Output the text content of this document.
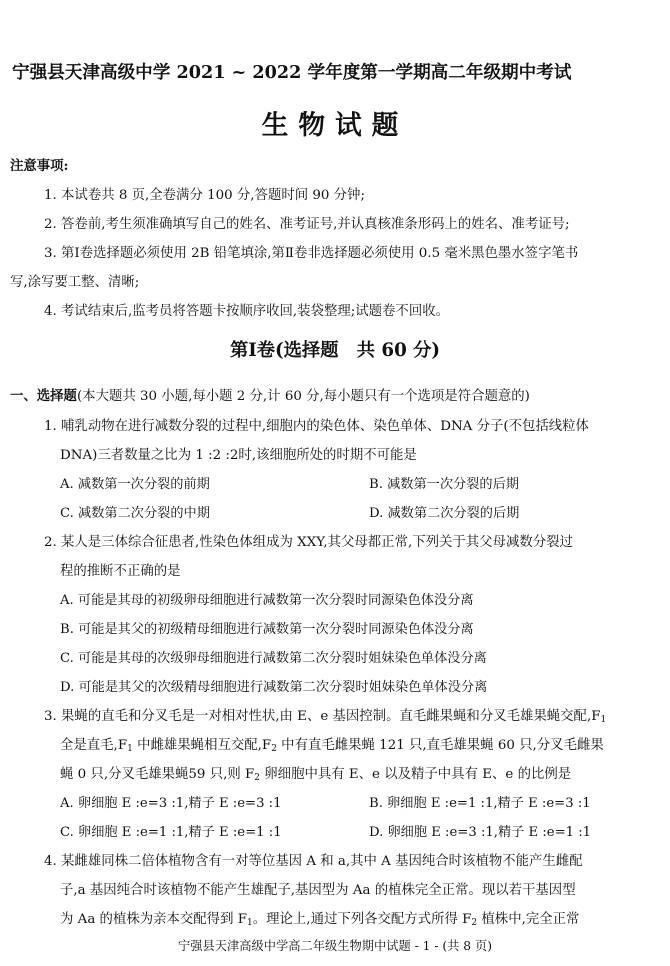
宁强县天津高级中学 2021 ~ 2022 学年度第一学期高二年级期中考试
生物试题
注意事项:
1. 本试卷共 8 页,全卷满分 100 分,答题时间 90 分钟;
2. 答卷前,考生须准确填写自己的姓名、准考证号,并认真核准条形码上的姓名、准考证号;
3. 第Ⅰ卷选择题必须使用 2B 铅笔填涂,第Ⅱ卷非选择题必须使用 0.5 毫米黑色墨水签字笔书
写,涂写要工整、清晰;
4. 考试结束后,监考员将答题卡按顺序收回,装袋整理;试题卷不回收。
第Ⅰ卷(选择题　共 60 分)
一、选择题(本大题共 30 小题,每小题 2 分,计 60 分,每小题只有一个选项是符合题意的)
1. 哺乳动物在进行减数分裂的过程中,细胞内的染色体、染色单体、DNA 分子(不包括线粒体
DNA)三者数量之比为 1 :2 :2时,该细胞所处的时期不可能是
A. 减数第一次分裂的前期	B. 减数第一次分裂的后期
C. 减数第二次分裂的中期	D. 减数第二次分裂的后期
2. 某人是三体综合征患者,性染色体组成为 XXY,其父母都正常,下列关于其父母减数分裂过
程的推断不正确的是
A. 可能是其母的初级卵母细胞进行减数第一次分裂时同源染色体没分离
B. 可能是其父的初级精母细胞进行减数第一次分裂时同源染色体没分离
C. 可能是其母的次级卵母细胞进行减数第二次分裂时姐妹染色单体没分离
D. 可能是其父的次级精母细胞进行减数第二次分裂时姐妹染色单体没分离
3. 果蝇的直毛和分叉毛是一对相对性状,由 E、e 基因控制。直毛雌果蝇和分叉毛雄果蝇交配$,F_1$
全是直毛$,F_1$ 中雌雄果蝇相互交配$,F_2$ 中有直毛雌果蝇 121 只,直毛雄果蝇 60 只,分叉毛雌果
蝇 0 只,分叉毛雄果蝇59 只,则 $F_2$ 卵细胞中具有 E、e 以及精子中具有 E、e 的比例是
A. 卵细胞 E :e=3 :1,精子 E :e=3 :1	B. 卵细胞 E :e=1 :1,精子 E :e=3 :1
C. 卵细胞 E :e=1 :1,精子 E :e=1 :1	D. 卵细胞 E :e=3 :1,精子 E :e=1 :1
4. 某雌雄同株二倍体植物含有一对等位基因 A 和 a,其中 A 基因纯合时该植物不能产生雌配
子,a 基因纯合时该植物不能产生雄配子,基因型为 Aa 的植株完全正常。现以若干基因型
为 Aa 的植株为亲本交配得到 $F_1$。理论上,通过下列各交配方式所得 $F_2$ 植株中,完全正常
宁强县天津高级中学高二年级生物期中试题 - 1 - (共 8 页)
